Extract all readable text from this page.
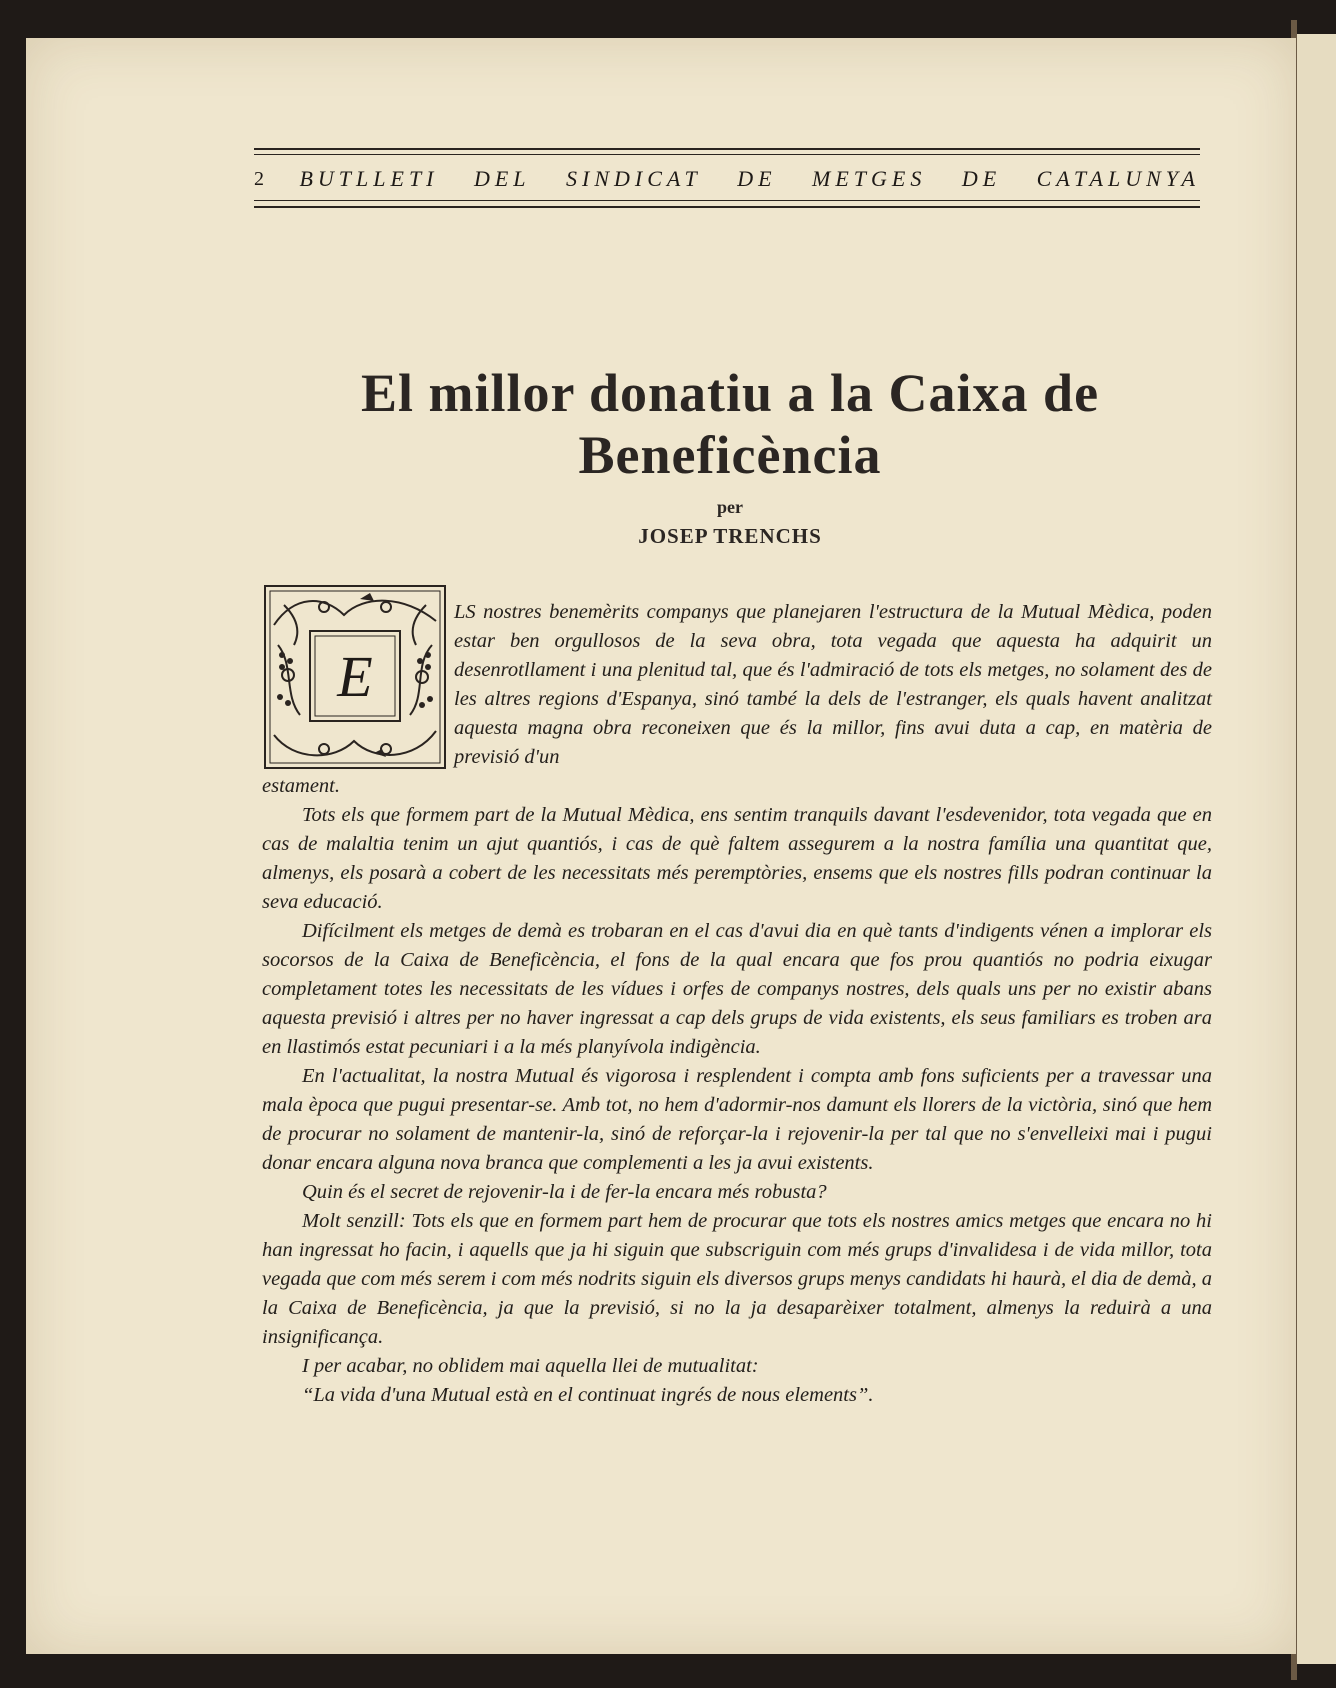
2 BUTLLETI DEL SINDICAT DE METGES DE CATALUNYA
El millor donatiu a la Caixa de
Beneficència
per
JOSEP TRENCHS
E

LS nostres benemèrits companys que planejaren l'estructura de la Mutual Mèdica, poden estar ben orgullosos de la seva obra, tota vegada que aquesta ha adquirit un desenrotllament i una plenitud tal, que és l'admiració de tots els metges, no solament des de les altres regions d'Espanya, sinó també la dels de l'estranger, els quals havent analitzat aquesta magna obra reconeixen que és la millor, fins avui duta a cap, en matèria de previsió d'un
estament.

Tots els que formem part de la Mutual Mèdica, ens sentim tranquils davant l'esdevenidor, tota vegada que en cas de malaltia tenim un ajut quantiós, i cas de què faltem assegurem a la nostra família una quantitat que, almenys, els posarà a cobert de les necessitats més peremptòries, ensems que els nostres fills podran continuar la seva educació.

Difícilment els metges de demà es trobaran en el cas d'avui dia en què tants d'indigents vénen a implorar els socorsos de la Caixa de Beneficència, el fons de la qual encara que fos prou quantiós no podria eixugar completament totes les necessitats de les vídues i orfes de companys nostres, dels quals uns per no existir abans aquesta previsió i altres per no haver ingressat a cap dels grups de vida existents, els seus familiars es troben ara en llastimós estat pecuniari i a la més planyívola indigència.

En l'actualitat, la nostra Mutual és vigorosa i resplendent i compta amb fons suficients per a travessar una mala època que pugui presentar-se. Amb tot, no hem d'adormir-nos damunt els llorers de la victòria, sinó que hem de procurar no solament de mantenir-la, sinó de reforçar-la i rejovenir-la per tal que no s'envelleixi mai i pugui donar encara alguna nova branca que complementi a les ja avui existents.

Quin és el secret de rejovenir-la i de fer-la encara més robusta?

Molt senzill: Tots els que en formem part hem de procurar que tots els nostres amics metges que encara no hi han ingressat ho facin, i aquells que ja hi siguin que subscriguin com més grups d'invalidesa i de vida millor, tota vegada que com més serem i com més nodrits siguin els diversos grups menys candidats hi haurà, el dia de demà, a la Caixa de Beneficència, ja que la previsió, si no la ja desaparèixer totalment, almenys la reduirà a una insignificança.

I per acabar, no oblidem mai aquella llei de mutualitat:

“La vida d'una Mutual està en el continuat ingrés de nous elements”.
